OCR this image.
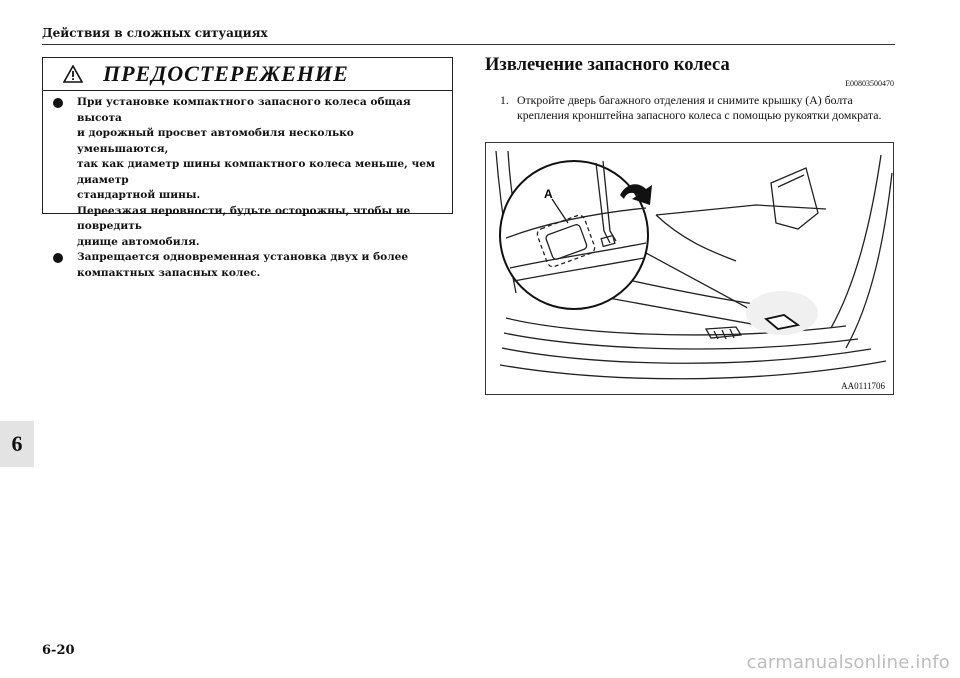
Действия в сложных ситуациях
6
ПРЕДОСТЕРЕЖЕНИЕ

При установке компактного запасного колеса общая высота
и дорожный просвет автомобиля несколько уменьшаются,
так как диаметр шины компактного колеса меньше, чем диаметр
стандартной шины.
Переезжая неровности, будьте осторожны, чтобы не повредить
днище автомобиля.

Запрещается одновременная установка двух и более
компактных запасных колес.

Извлечение запасного колеса
E00803500470
1. Откройте дверь багажного отделения и снимите крышку (A) болта крепления кронштейна запасного колеса с помощью рукоятки домкрата.

A
AA0111706
6-20
carmanualsonline.info
